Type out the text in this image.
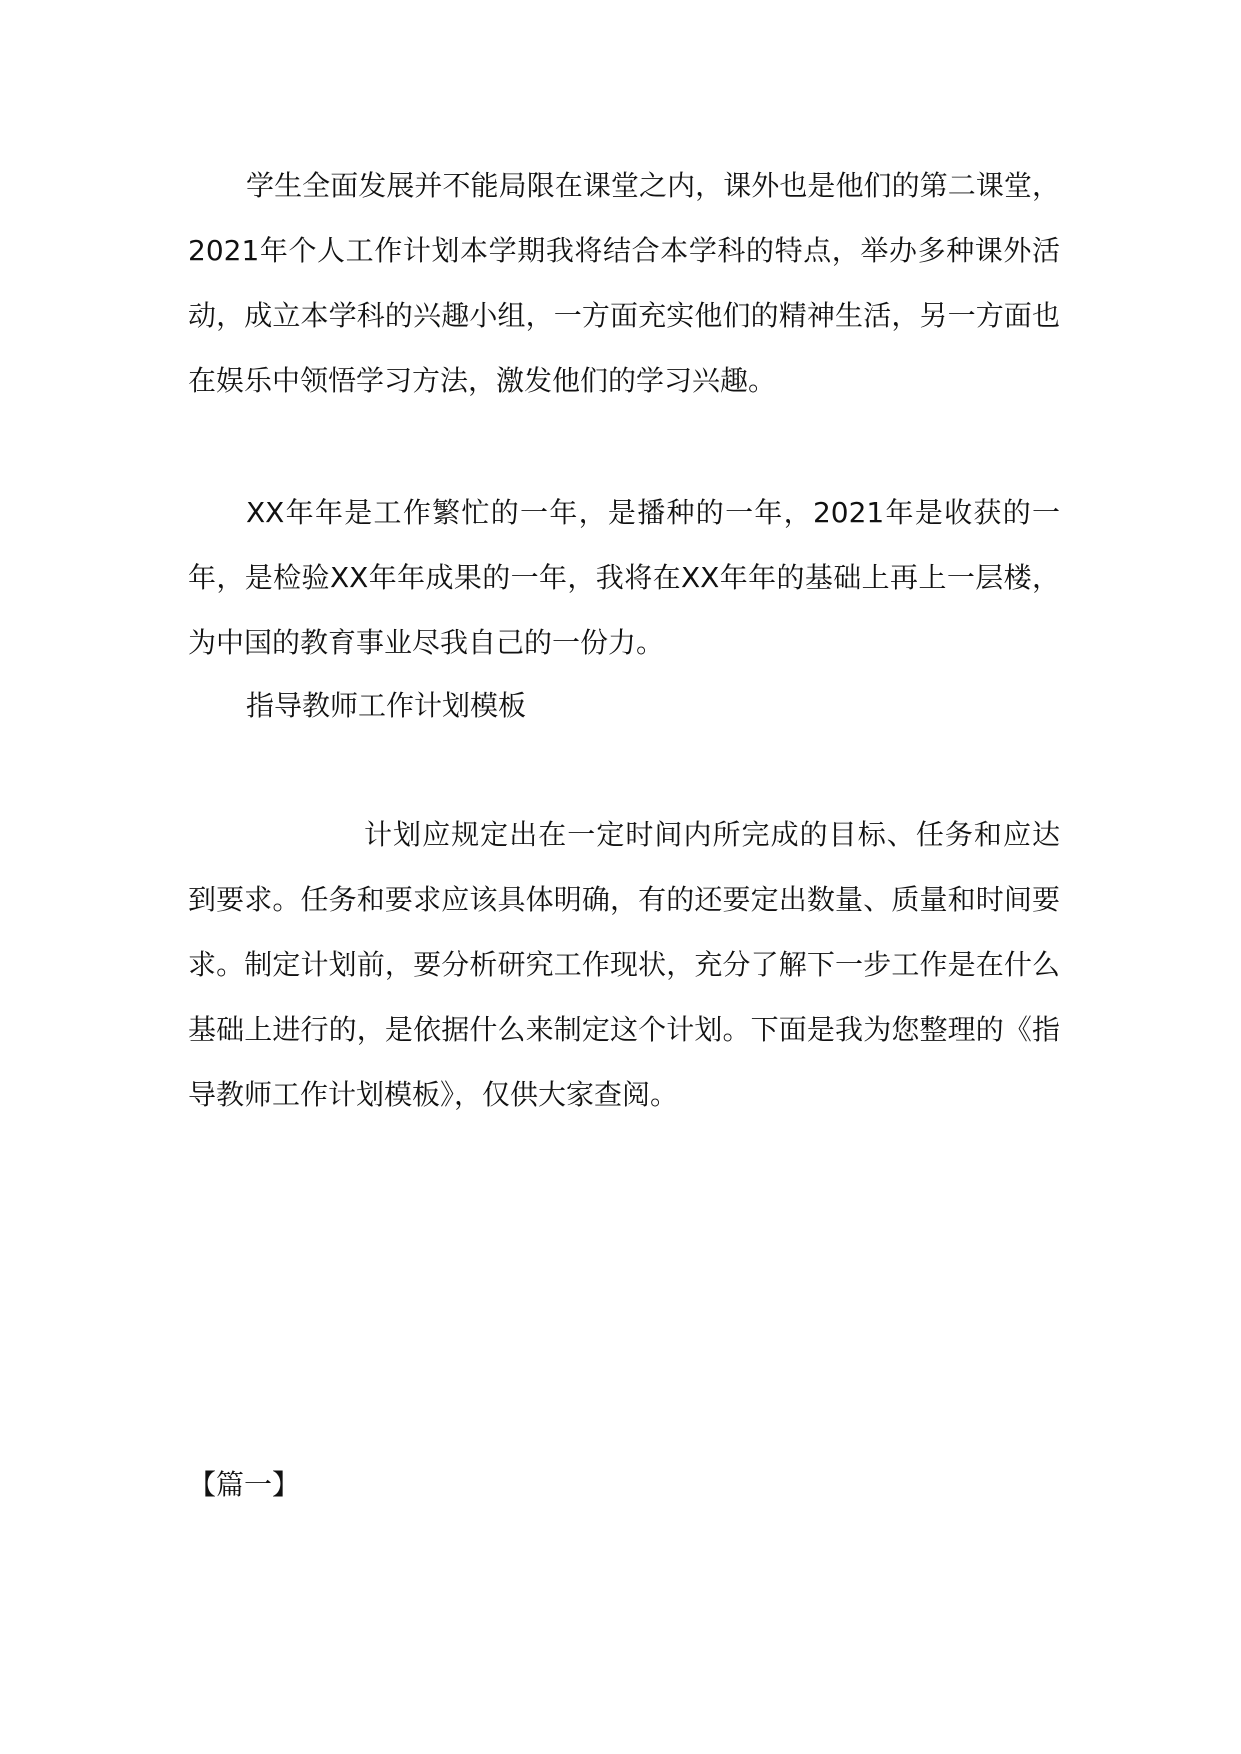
学生全面发展并不能局限在课堂之内，课外也是他们的第二课堂，2021年个人工作计划本学期我将结合本学科的特点，举办多种课外活动，成立本学科的兴趣小组，一方面充实他们的精神生活，另一方面也在娱乐中领悟学习方法，激发他们的学习兴趣。

XX年年是工作繁忙的一年，是播种的一年，2021年是收获的一年，是检验XX年年成果的一年，我将在XX年年的基础上再上一层楼，为中国的教育事业尽我自己的一份力。

指导教师工作计划模板

计划应规定出在一定时间内所完成的目标、任务和应达到要求。任务和要求应该具体明确，有的还要定出数量、质量和时间要求。制定计划前，要分析研究工作现状，充分了解下一步工作是在什么基础上进行的，是依据什么来制定这个计划。下面是我为您整理的《指导教师工作计划模板》，仅供大家查阅。

【篇一】
